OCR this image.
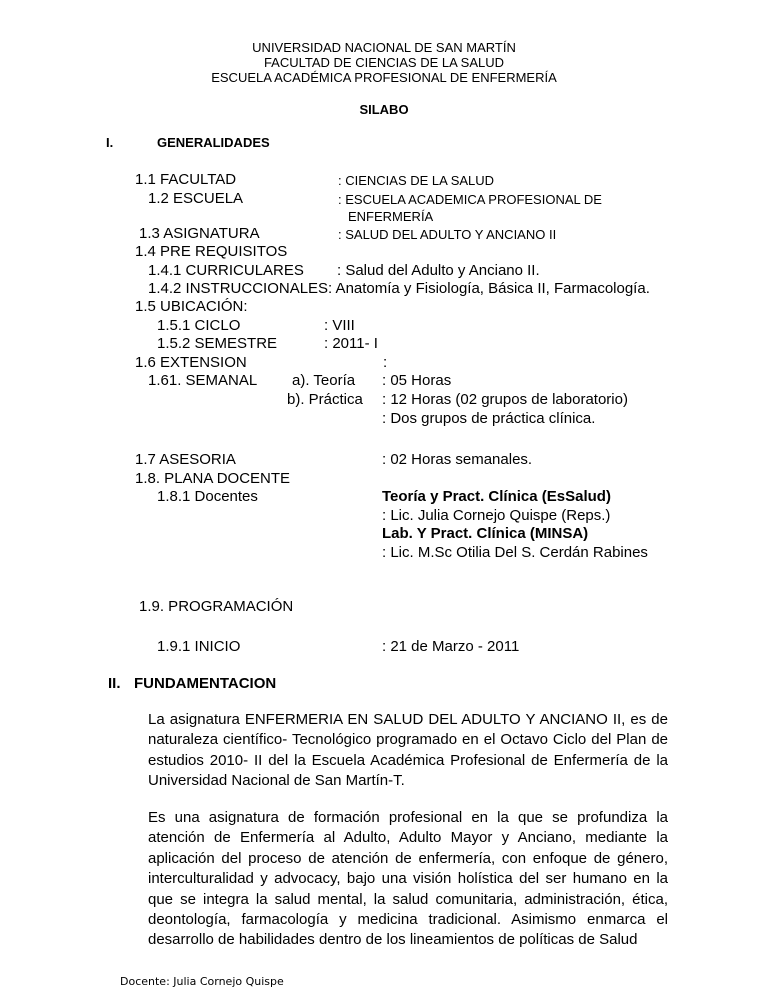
UNIVERSIDAD NACIONAL DE SAN MARTÍN
FACULTAD DE CIENCIAS DE LA SALUD
ESCUELA ACADÉMICA PROFESIONAL DE ENFERMERÍA
SILABO
I.	GENERALIDADES
1.1 FACULTAD	: CIENCIAS DE LA SALUD
1.2 ESCUELA	: ESCUELA ACADEMICA PROFESIONAL DE
ENFERMERÍA
1.3 ASIGNATURA	: SALUD DEL ADULTO Y ANCIANO II
1.4 PRE REQUISITOS
1.4.1 CURRICULARES : Salud del Adulto y Anciano II.
1.4.2 INSTRUCCIONALES: Anatomía y Fisiología, Básica II, Farmacología.
1.5 UBICACIÓN:
1.5.1 CICLO	: VIII
1.5.2 SEMESTRE	: 2011- I
1.6 EXTENSION	:
1.61. SEMANAL a). Teoría : 05 Horas
b). Práctica : 12 Horas (02 grupos de laboratorio)
: Dos grupos de práctica clínica.
1.7 ASESORIA	: 02 Horas semanales.
1.8. PLANA DOCENTE
1.8.1 Docentes	Teoría y Pract. Clínica (EsSalud)
: Lic. Julia Cornejo Quispe (Reps.)
Lab. Y Pract. Clínica (MINSA)
: Lic. M.Sc Otilia Del S. Cerdán Rabines
1.9. PROGRAMACIÓN
1.9.1 INICIO	: 21 de Marzo - 2011
II. FUNDAMENTACION
La asignatura ENFERMERIA EN SALUD DEL ADULTO Y ANCIANO II, es de naturaleza científico- Tecnológico programado en el Octavo Ciclo del Plan de estudios 2010- II del la Escuela Académica Profesional de Enfermería de la Universidad Nacional de San Martín-T.
Es una asignatura de formación profesional en la que se profundiza la atención de Enfermería al Adulto, Adulto Mayor y Anciano, mediante la aplicación del proceso de atención de enfermería, con enfoque de género, interculturalidad y advocacy, bajo una visión holística del ser humano en la que se integra la salud mental, la salud comunitaria, administración, ética, deontología, farmacología y medicina tradicional. Asimismo enmarca el desarrollo de habilidades dentro de los lineamientos de políticas de Salud
Docente: Julia Cornejo Quispe
